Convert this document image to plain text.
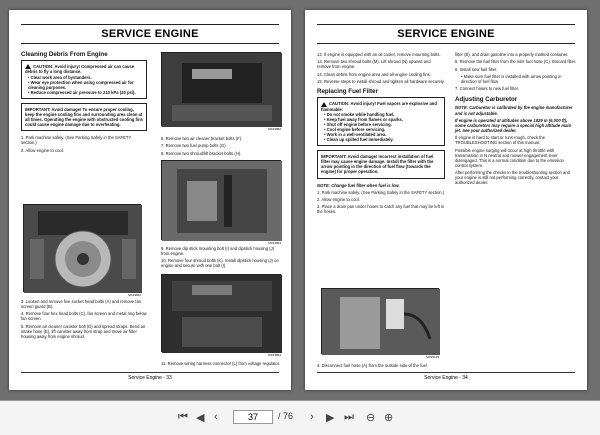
SERVICE ENGINE
Cleaning Debris From Engine
CAUTION: Avoid injury! Compressed air can cause debris to fly a long distance.
• Clear work area of bystanders.
• Wear eye protection when using compressed air for cleaning purposes.
• Reduce compressed air pressure to 210 kPa (30 psi).
IMPORTANT: Avoid damage! To ensure proper cooling, keep the engine cooling fins and surrounding area clean at all times. Operating the engine with obstructed cooling fins could cause engine damage due to overheating.

1. Park machine safely. (See Parking Safely in the SAFETY section.)

2. Allow engine to cool.

MX43861

3. Loosen and remove five socket head bolts (A) and remove fan screen guard (B).

4. Remove four hex head bolts (C), fan screen and metal ring below fan screen.

5. Remove air cleaner canister bolt (D) and spread straps. Bend air intake hose (E), lift canister away from strap and move air filter housing away from engine shroud.

MX43862

6. Remove two air cleaner bracket bolts (F).

7. Remove two fuel pump bolts (G).

8. Remove two shroud/lift bracket bolts (H).

MX43863

9. Remove dip stick mounting bolt (I) and dipstick housing (J) from engine.

10. Remove four shroud bolts (K). Install dipstick housing (J) on engine and secure with one bolt (I).

MX43864

11. Remove wiring harness connector (L) from voltage regulator.

Service Engine - 33
SERVICE ENGINE

12. If engine is equipped with an oil cooler, remove mounting bolts.

13. Remove two shroud bolts (M). Lift shroud (N) upward and remove from engine.

14. Clean debris from engine area and all engine cooling fins.

15. Reverse steps to install shroud and tighten all hardware securely.

Replacing Fuel Filter
CAUTION: Avoid injury! Fuel vapors are explosive and flammable:
• Do not smoke while handling fuel.
• Keep fuel away from flames or sparks.
• Shut off engine before servicing.
• Cool engine before servicing.
• Work in a well-ventilated area.
• Clean up spilled fuel immediately.
IMPORTANT: Avoid damage! Incorrect installation of fuel filter may cause engine damage. Install the filter with the arrow pointing in the direction of fuel flow (towards the engine) for proper operation.

NOTE: Change fuel filter when fuel is low.

1. Park machine safely. (See Parking Safely in the SAFETY section.)

2. Allow engine to cool.

3. Place a drain pan under hoses to catch any fuel that may be left in the hoses.

MX35125

4. Disconnect fuel hose (A) from the outside side of the fuel

filter (B), and drain gasoline into a properly marked container.

5. Remove the fuel filter from the inlet fuel hose (C). Discard filter.

6. Install new fuel filter.

• Make sure fuel filter is installed with arrow pointing in direction of fuel flow.

7. Connect hoses to new fuel filter.

Adjusting Carburetor

NOTE: Carburetor is calibrated by the engine manufacturer and is not adjustable.

If engine is operated at altitudes above 1829 m (6,000 ft), some carburetors may require a special high altitude main jet. See your authorized dealer.

If engine is hard to start or runs rough, check the TROUBLESHOOTING section of this manual.

Possible engine surging will occur at high throttle with transmission in N neutral and mower engagement lever disengaged. This is a normal condition due to the emission control system.

After performing the checks in the troubleshooting section and your engine is still not performing correctly, contact your authorized dealer.

Service Engine - 34
⏮ ◀ ‹	37	/ 76 › ▶ ⏭ ⊖ ⊕
